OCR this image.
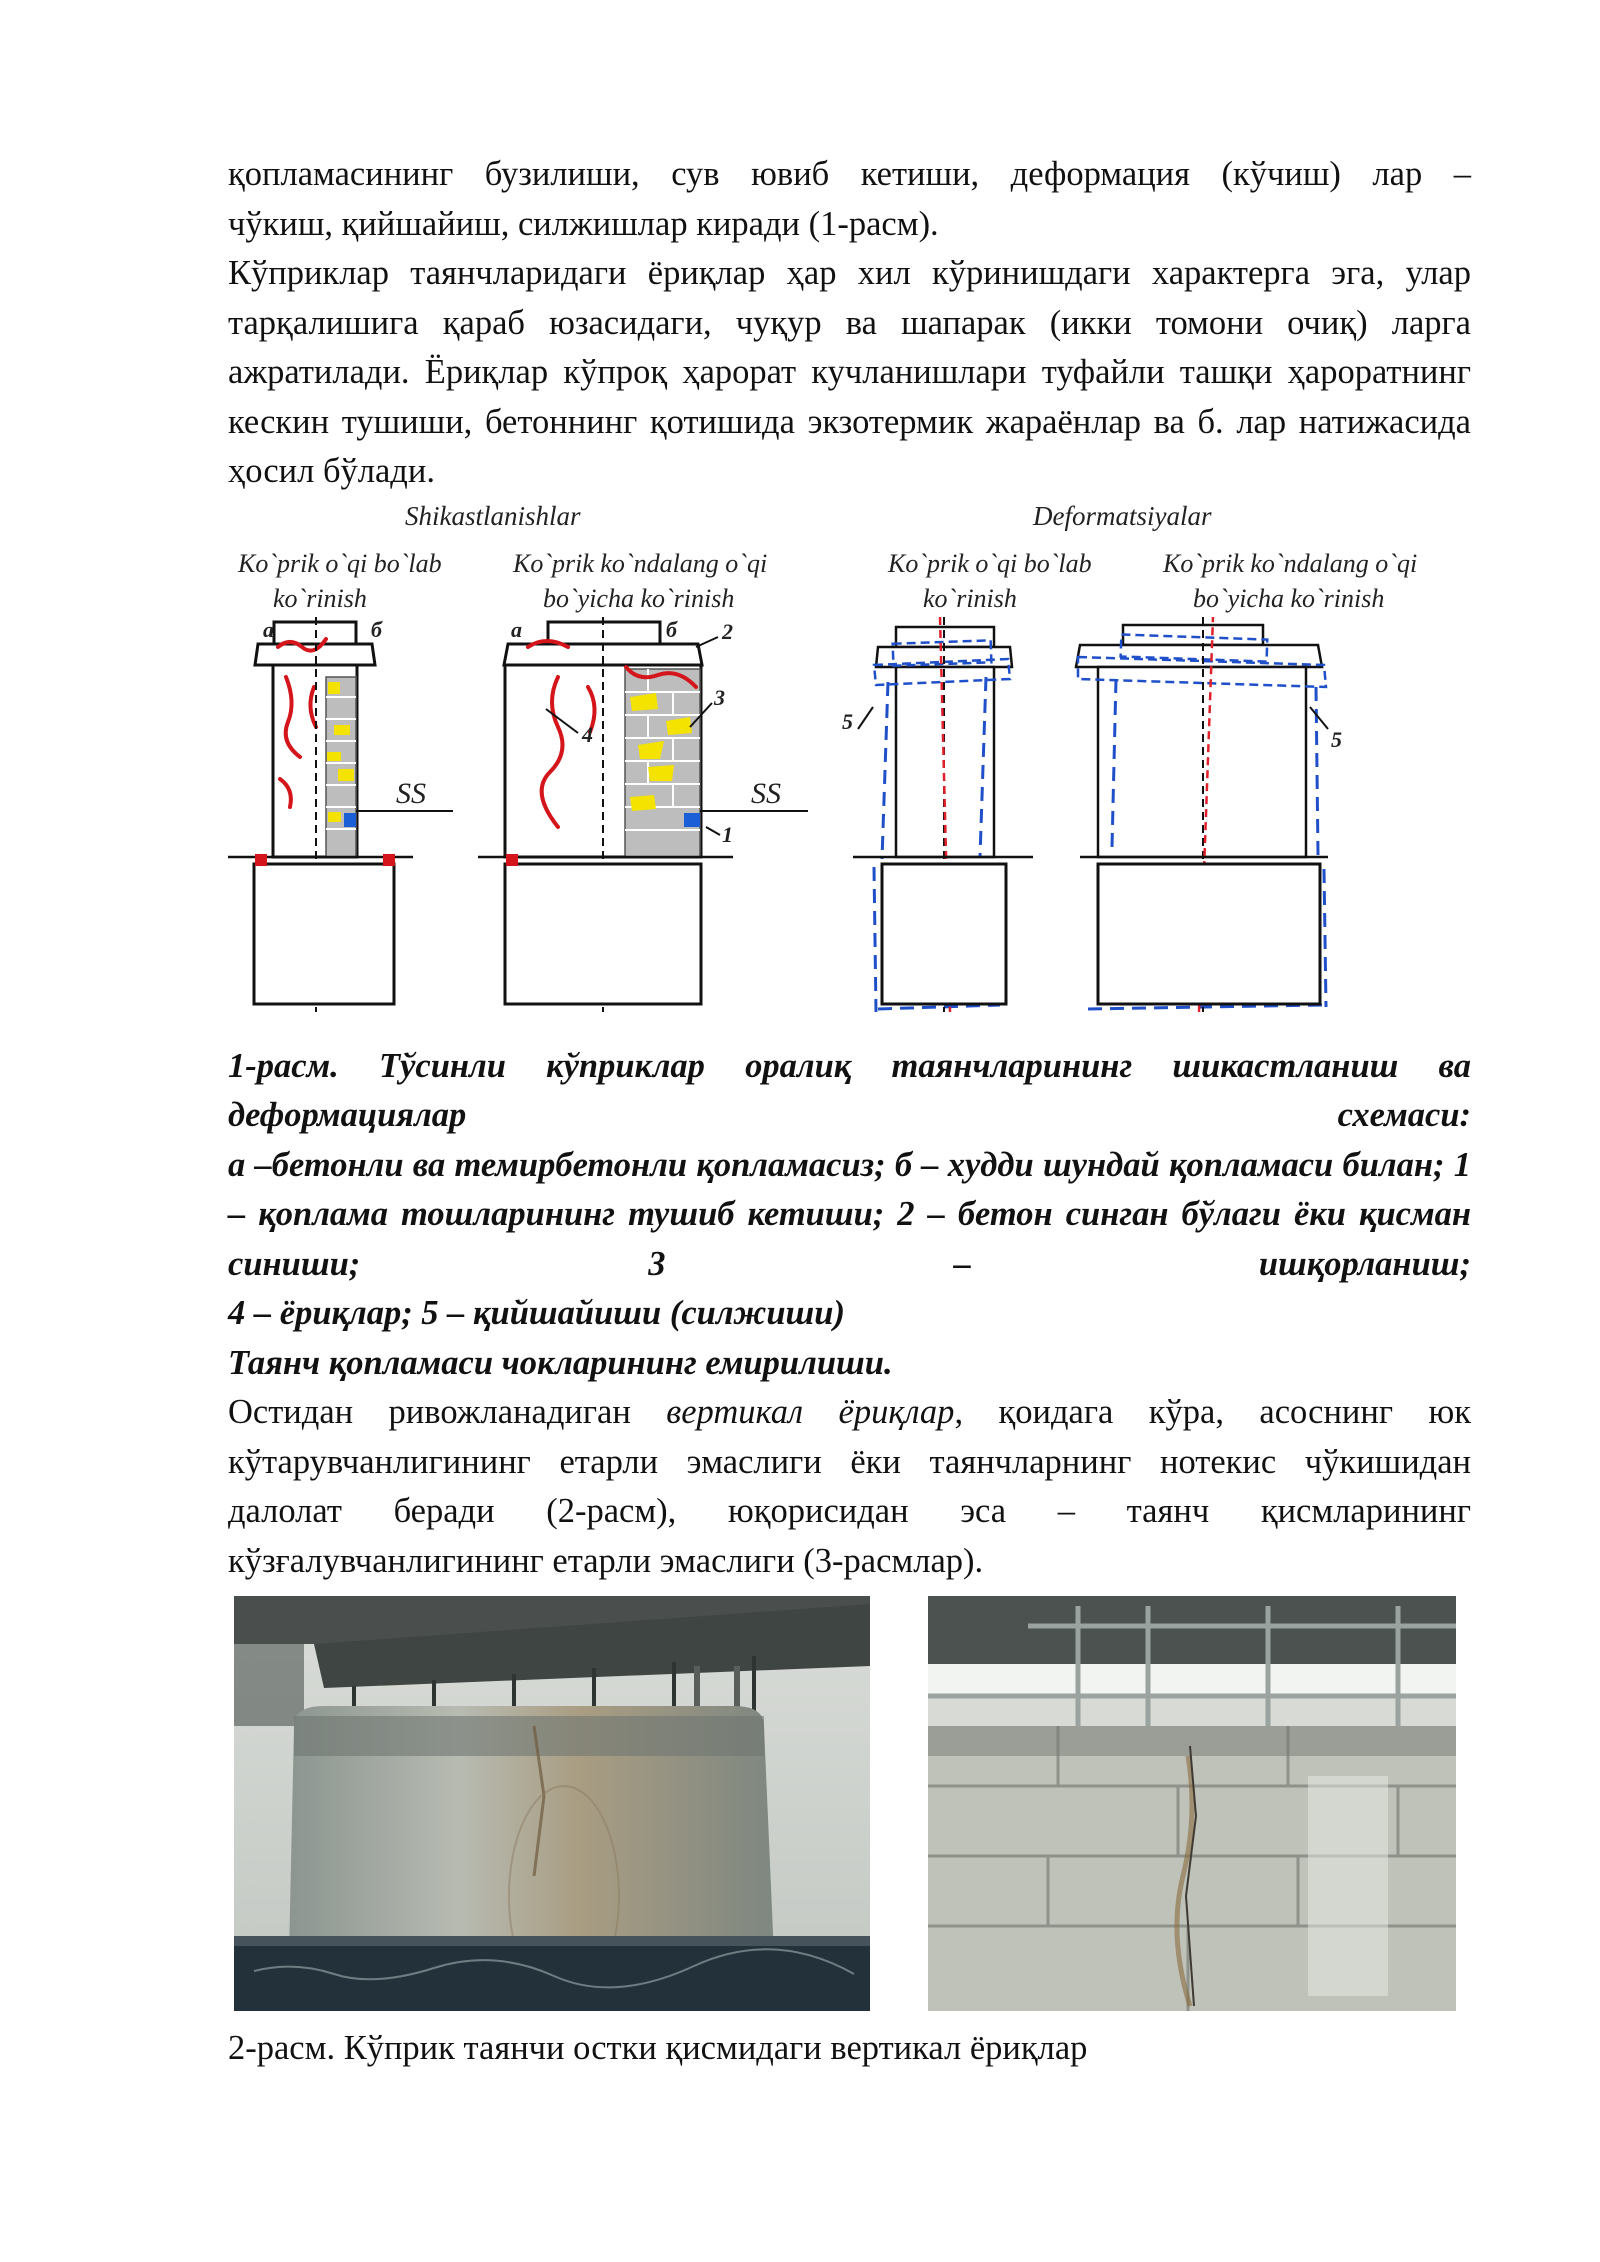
қопламасининг бузилиши, сув ювиб кетиши, деформация (кўчиш) лар –

чўкиш, қийшайиш, силжишлар киради (1-расм).

Кўприклар таянчларидаги ёриқлар ҳар хил кўринишдаги характерга эга, улар тарқалишига қараб юзасидаги, чуқур ва шапарак (икки томони очиқ) ларга ажратилади. Ёриқлар кўпроқ ҳарорат кучланишлари туфайли ташқи ҳароратнинг кескин тушиши, бетоннинг қотишида экзотермик жараёнлар ва б. лар натижасида ҳосил бўлади.

Shikastlanishlar	Deformatsiyalar
Ko`prik o`qi bo`lab
ko`rinish
Ko`prik ko`ndalang o`qi
bo`yicha ko`rinish
Ko`prik o`qi bo`lab
ko`rinish
Ko`prik ko`ndalang o`qi
bo`yicha ko`rinish
SS
a	б
SS
1
2
3
4
a	б
5
5

1-расм. Тўсинли кўприклар оралиқ таянчларининг шикастланиш ва

деформациялар	схемаси:

а –бетонли ва темирбетонли қопламасиз; б – худди шундай қопламаси билан; 1 – қоплама тошларининг тушиб кетиши; 2 – бетон синган бўлаги ёки қисман синиши; 3 – ишқорланиш;

4 – ёриқлар; 5 – қийшайиши (силжиши)

Таянч қопламаси чокларининг емирилиши.

Остидан ривожланадиган вертикал ёриқлар, қоидага кўра, асоснинг юк кўтарувчанлигининг етарли эмаслиги ёки таянчларнинг нотекис чўкишидан далолат беради (2-расм), юқорисидан эса – таянч қисмларининг кўзғалувчанлигининг етарли эмаслиги (3-расмлар).

2-расм. Кўприк таянчи остки қисмидаги вертикал ёриқлар
